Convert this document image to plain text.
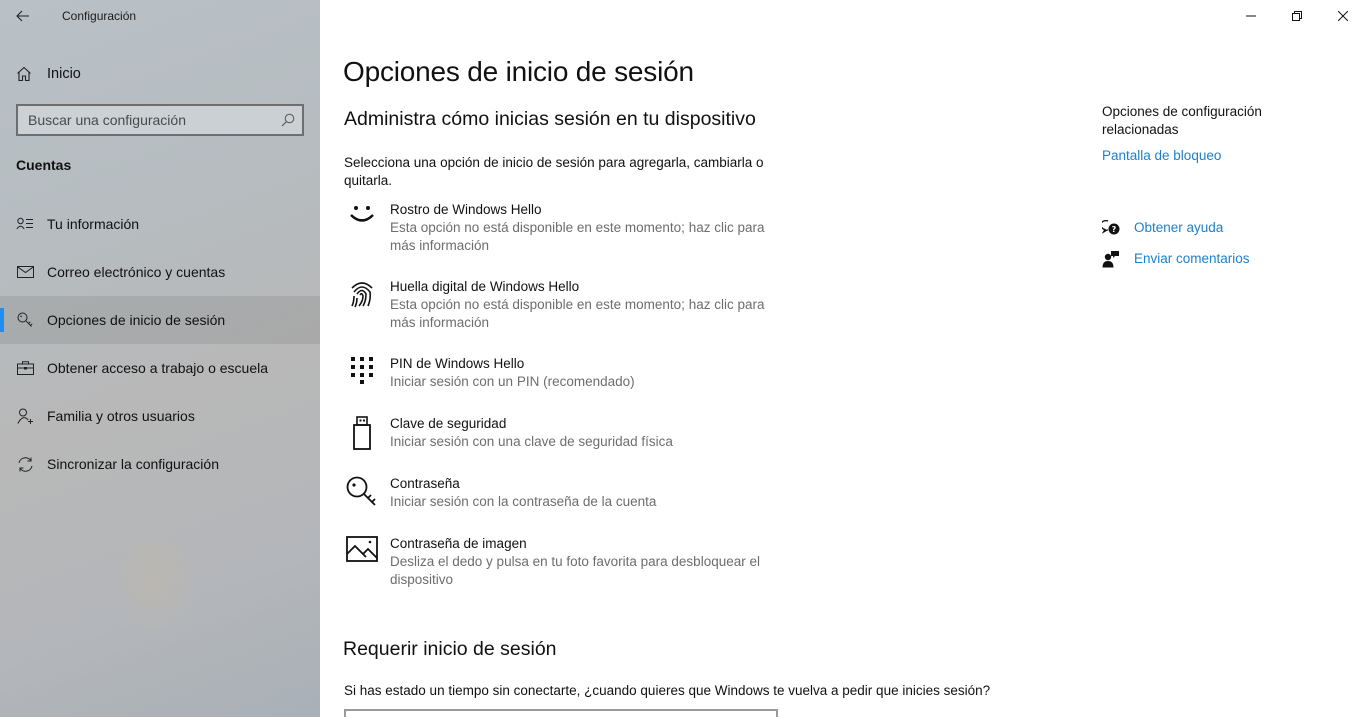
Configuración
Inicio
Buscar una configuración
Cuentas
Tu información
Correo electrónico y cuentas
Opciones de inicio de sesión
Obtener acceso a trabajo o escuela
Familia y otros usuarios
Sincronizar la configuración
Opciones de inicio de sesión
Administra cómo inicias sesión en tu dispositivo

Selecciona una opción de inicio de sesión para agregarla, cambiarla o quitarla.

Rostro de Windows Hello
Esta opción no está disponible en este momento; haz clic para más información
Huella digital de Windows Hello
Esta opción no está disponible en este momento; haz clic para más información
PIN de Windows Hello
Iniciar sesión con un PIN (recomendado)
Clave de seguridad
Iniciar sesión con una clave de seguridad física
Contraseña
Iniciar sesión con la contraseña de la cuenta
Contraseña de imagen
Desliza el dedo y pulsa en tu foto favorita para desbloquear el dispositivo
Requerir inicio de sesión

Si has estado un tiempo sin conectarte, ¿cuando quieres que Windows te vuelva a pedir que inicies sesión?

Opciones de configuración relacionadas
Pantalla de bloqueo
? Obtener ayuda
Enviar comentarios
